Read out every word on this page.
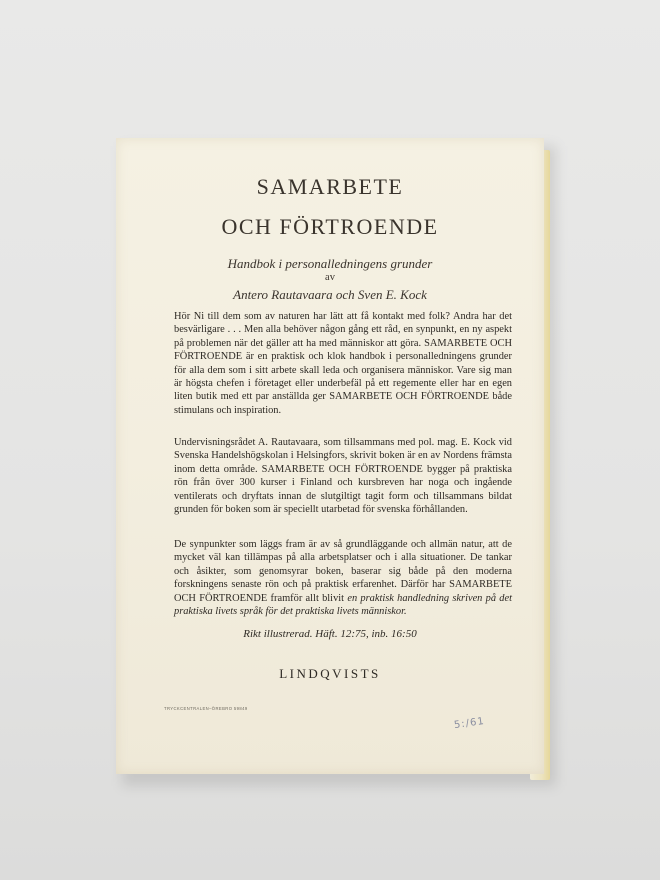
SAMARBETE
OCH FÖRTROENDE
Handbok i personalledningens grunder
av
Antero Rautavaara och Sven E. Kock
Hör Ni till dem som av naturen har lätt att få kontakt med folk? Andra har det besvärligare . . . Men alla behöver någon gång ett råd, en synpunkt, en ny aspekt på problemen när det gäller att ha med människor att göra. SAMARBETE OCH FÖRTROENDE är en praktisk och klok handbok i personalledningens grunder för alla dem som i sitt arbete skall leda och organisera människor. Vare sig man är högsta chefen i företaget eller underbefäl på ett regemente eller har en egen liten butik med ett par anställda ger SAMARBETE OCH FÖRTROENDE både stimulans och inspiration.
Undervisningsrådet A. Rautavaara, som tillsammans med pol. mag. E. Kock vid Svenska Handelshögskolan i Helsingfors, skrivit boken är en av Nordens främsta inom detta område. SAMARBETE OCH FÖRTROENDE bygger på praktiska rön från över 300 kurser i Finland och kursbreven har noga och ingående ventilerats och dryftats innan de slutgiltigt tagit form och tillsammans bildat grunden för boken som är speciellt utarbetad för svenska förhållanden.
De synpunkter som läggs fram är av så grundläggande och allmän natur, att de mycket väl kan tillämpas på alla arbetsplatser och i alla situationer. De tankar och åsikter, som genomsyrar boken, baserar sig både på den moderna forskningens senaste rön och på praktisk erfarenhet. Därför har SAMARBETE OCH FÖRTROENDE framför allt blivit en praktisk handledning skriven på det praktiska livets språk för det praktiska livets människor.
Rikt illustrerad. Häft. 12:75, inb. 16:50
LINDQVISTS
TRYCKCENTRALEN–ÖREBRO 59849
5:/61
